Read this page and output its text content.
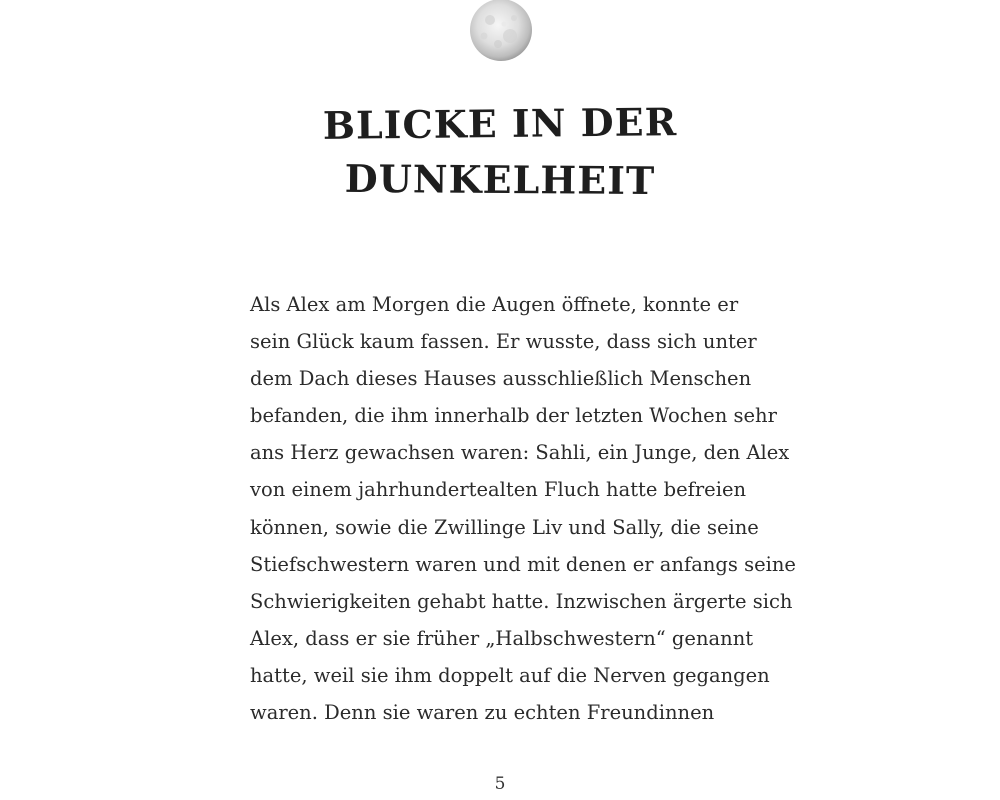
BLICKE IN DER
DUNKELHEIT
Als Alex am Morgen die Augen öffnete, konnte er
sein Glück kaum fassen. Er wusste, dass sich unter
dem Dach dieses Hauses ausschließlich Menschen
befanden, die ihm innerhalb der letzten Wochen sehr
ans Herz gewachsen waren: Sahli, ein Junge, den Alex
von einem jahrhundertealten Fluch hatte befreien
können, sowie die Zwillinge Liv und Sally, die seine
Stiefschwestern waren und mit denen er anfangs seine
Schwierigkeiten gehabt hatte. Inzwischen ärgerte sich
Alex, dass er sie früher „Halbschwestern“ genannt
hatte, weil sie ihm doppelt auf die Nerven gegangen
waren. Denn sie waren zu echten Freundinnen
5
